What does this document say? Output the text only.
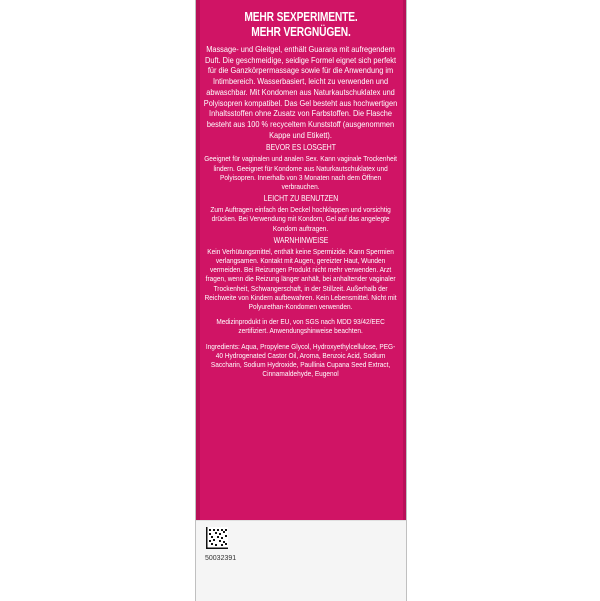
MEHR SEXPERIMENTE.
MEHR VERGNÜGEN.

Massage- und Gleitgel, enthält Guarana mit aufregendem Duft. Die geschmeidige, seidige Formel eignet sich perfekt für die Ganzkörpermassage sowie für die Anwendung im Intimbereich. Wasserbasiert, leicht zu verwenden und abwaschbar. Mit Kondomen aus Naturkautschuklatex und Polyisopren kompatibel. Das Gel besteht aus hochwertigen Inhaltsstoffen ohne Zusatz von Farbstoffen. Die Flasche besteht aus 100 % recyceltem Kunststoff (ausgenommen Kappe und Etikett).

BEVOR ES LOSGEHT

Geeignet für vaginalen und analen Sex. Kann vaginale Trockenheit lindern. Geeignet für Kondome aus Naturkautschuklatex und Polyisopren. Innerhalb von 3 Monaten nach dem Öffnen verbrauchen.

LEICHT ZU BENUTZEN

Zum Auftragen einfach den Deckel hochklappen und vorsichtig drücken. Bei Verwendung mit Kondom, Gel auf das angelegte Kondom auftragen.

WARNHINWEISE

Kein Verhütungsmittel, enthält keine Spermizide. Kann Spermien verlangsamen. Kontakt mit Augen, gereizter Haut, Wunden vermeiden. Bei Reizungen Produkt nicht mehr verwenden. Arzt fragen, wenn die Reizung länger anhält, bei anhaltender vaginaler Trockenheit, Schwangerschaft, in der Stillzeit. Außerhalb der Reichweite von Kindern aufbewahren. Kein Lebensmittel. Nicht mit Polyurethan-Kondomen verwenden.

Medizinprodukt in der EU, von SGS nach MDD 93/42/EEC zertifiziert. Anwendungshinweise beachten.

Ingredients: Aqua, Propylene Glycol, Hydroxyethylcellulose, PEG-40 Hydrogenated Castor Oil, Aroma, Benzoic Acid, Sodium Saccharin, Sodium Hydroxide, Paullinia Cupana Seed Extract, Cinnamaldehyde, Eugenol

50032391
